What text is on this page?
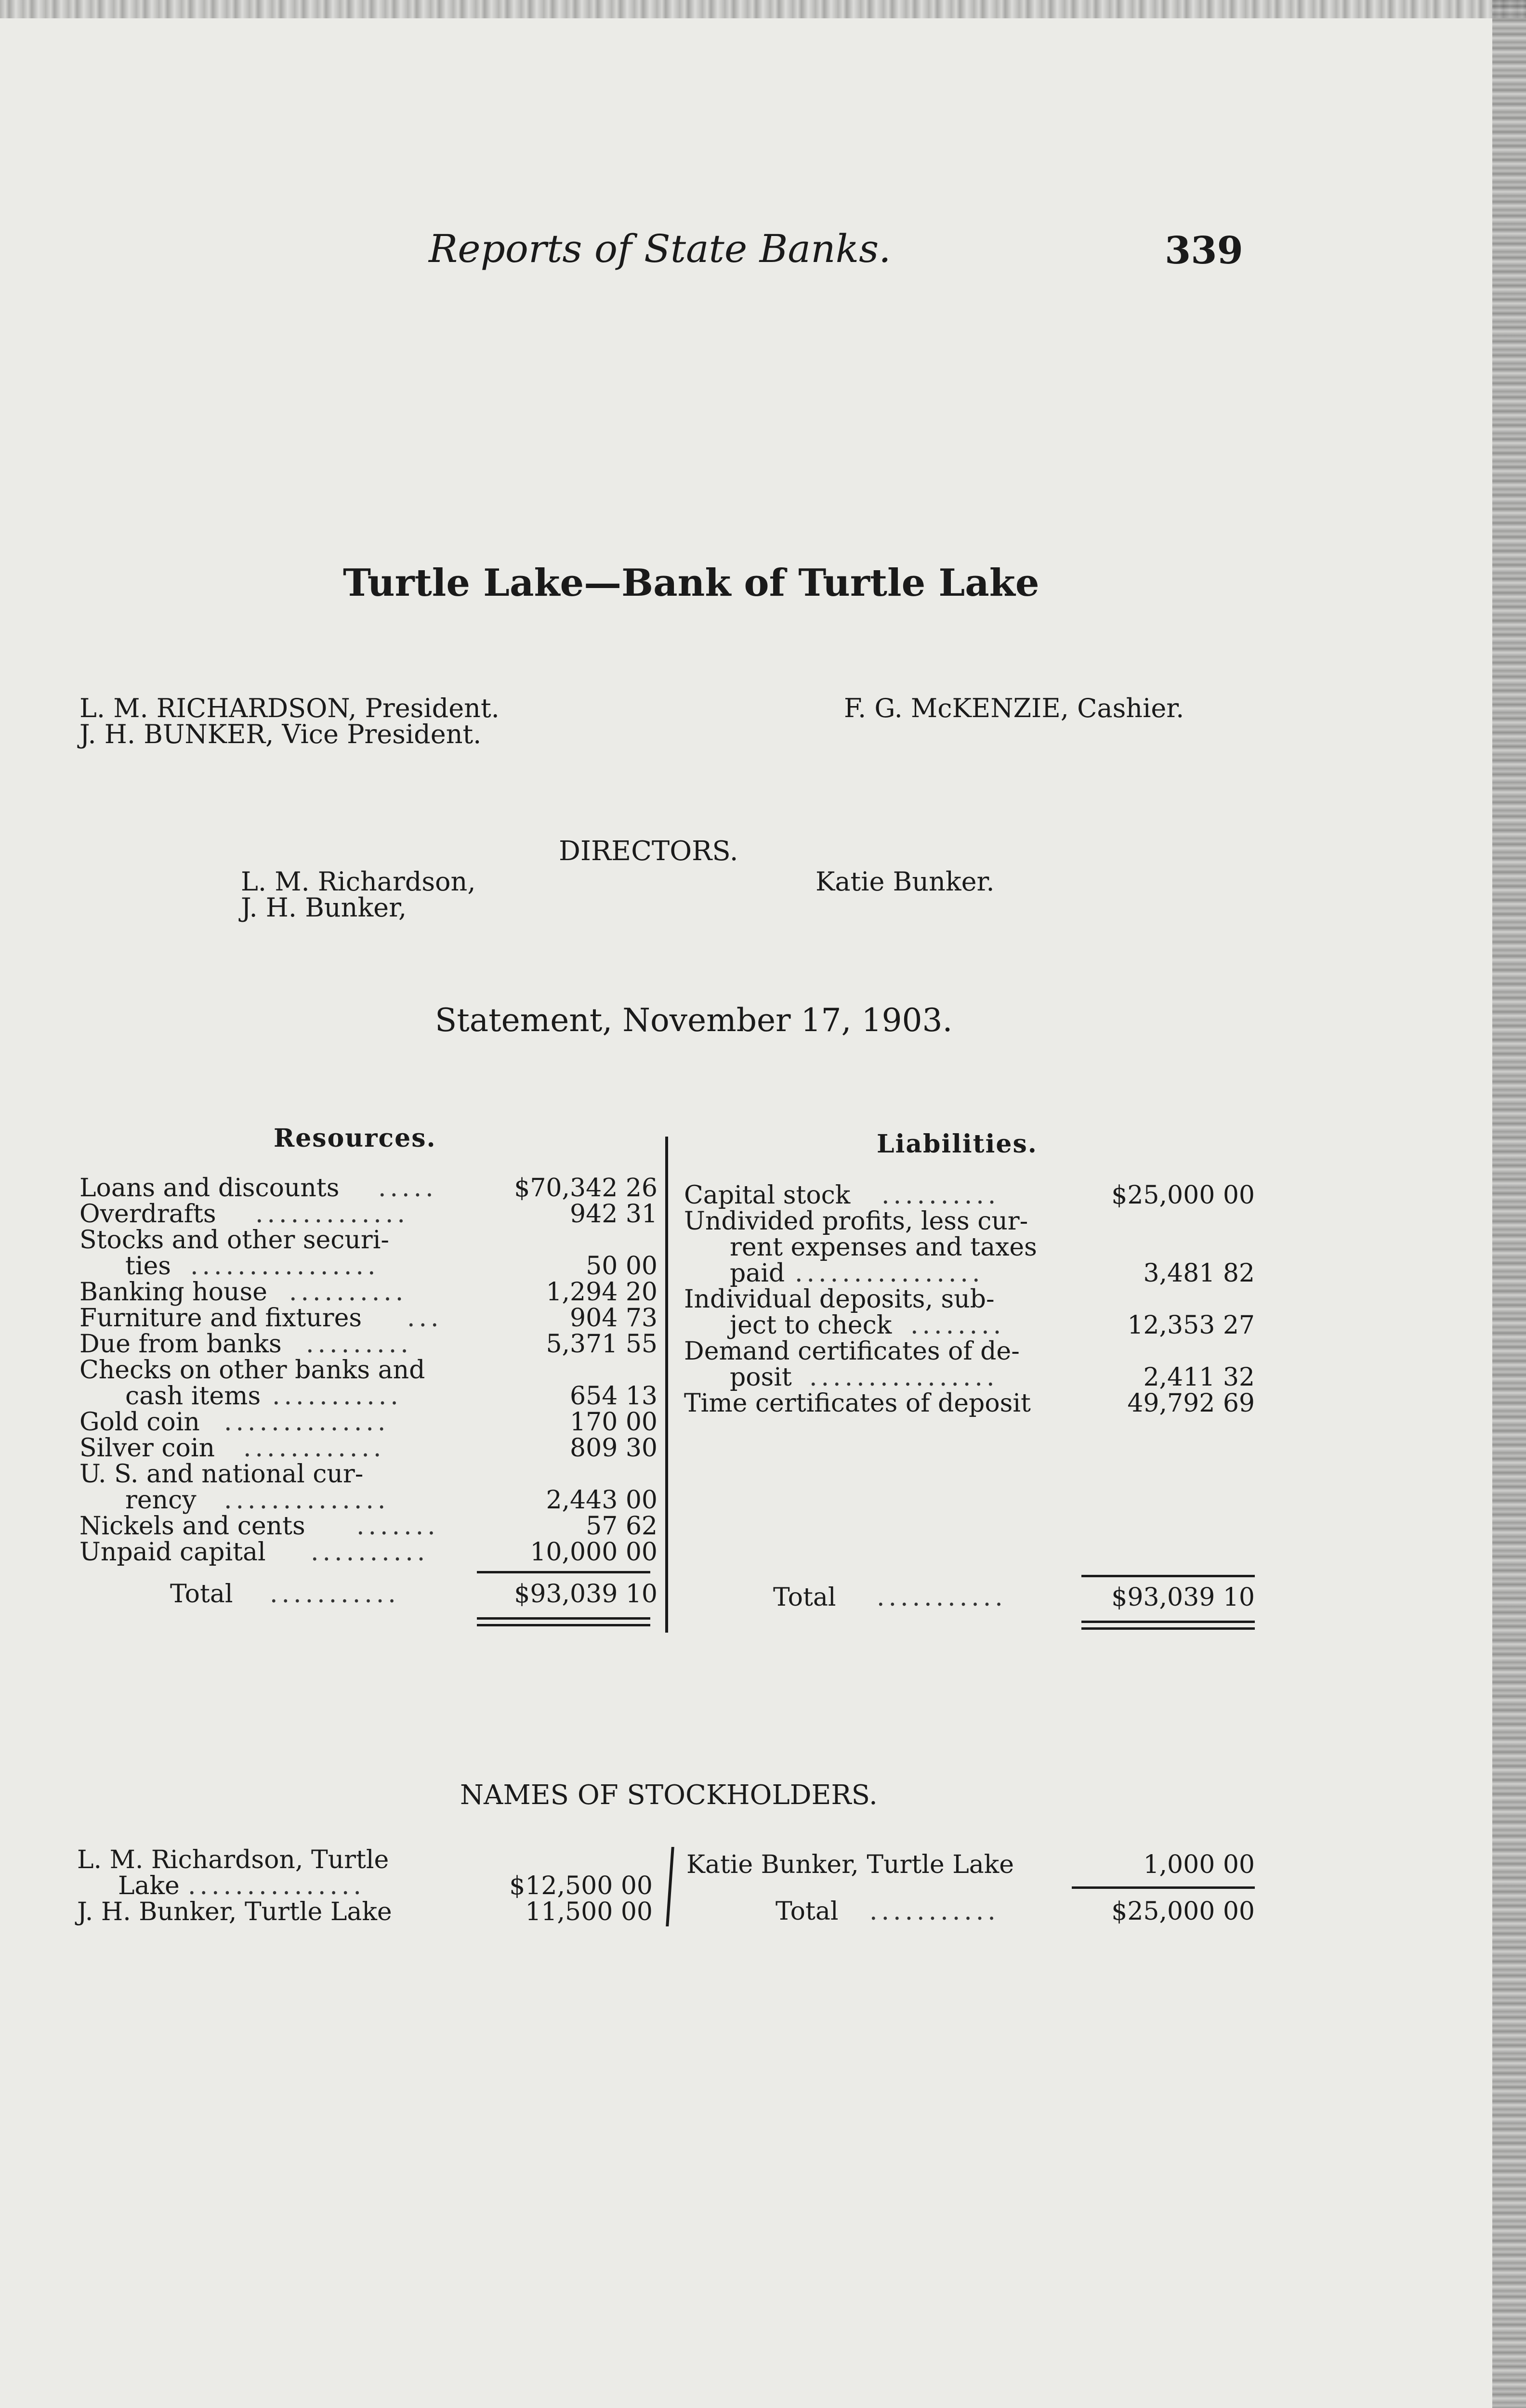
Reports of State Banks.	339
Turtle Lake—Bank of Turtle Lake
L. M. RICHARDSON, President.
J. H. BUNKER, Vice President.
F. G. McKENZIE, Cashier.
DIRECTORS.
L. M. Richardson,
J. H. Bunker,
Katie Bunker.
Statement, November 17, 1903.
Resources.	Liabilities.
Loans and discounts .....	$70,342 26
Overdrafts .............	942 31
Stocks and other securi-
ties ................	50 00
Banking house ..........	1,294 20
Furniture and fixtures ...	904 73
Due from banks .........	5,371 55
Checks on other banks and
cash items ...........	654 13
Gold coin ..............	170 00
Silver coin ............	809 30
U. S. and national cur-
rency ..............	2,443 00
Nickels and cents .......	57 62
Unpaid capital ..........	10,000 00
Total ...........	$93,039 10
Capital stock ..........	$25,000 00
Undivided profits, less cur-
rent expenses and taxes
paid ................	3,481 82
Individual deposits, sub-
ject to check ........	12,353 27
Demand certificates of de-
posit ................	2,411 32
Time certificates of deposit	49,792 69
Total ...........	$93,039 10
NAMES OF STOCKHOLDERS.
L. M. Richardson, Turtle
Lake ...............	$12,500 00
J. H. Bunker, Turtle Lake	11,500 00
Katie Bunker, Turtle Lake	1,000 00
Total ...........	$25,000 00
